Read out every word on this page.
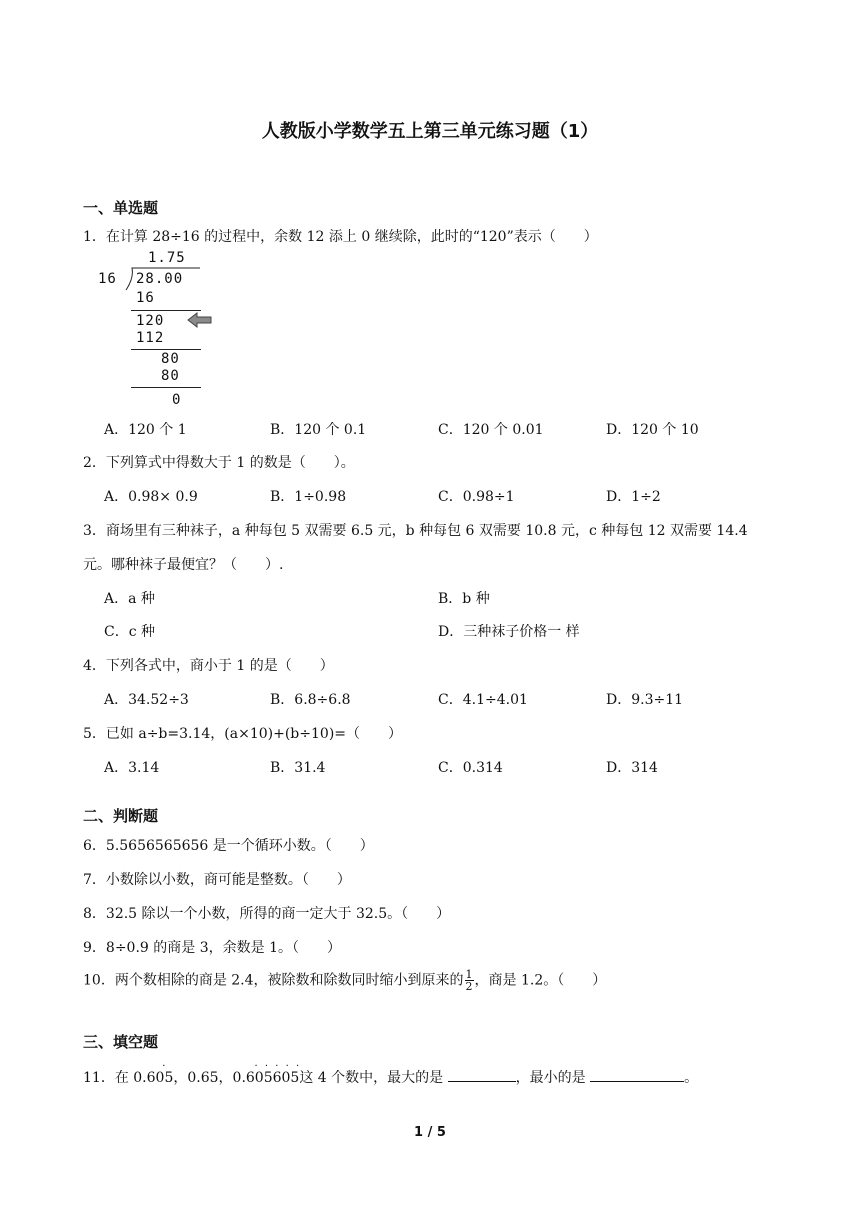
人教版小学数学五上第三单元练习题（1）
一、单选题
1．在计算 28÷16 的过程中，余数 12 添上 0 继续除，此时的“120”表示（　　）
1.75
16 28.00
16
120
112
80
80
0
A．120 个 1	B．120 个 0.1	C．120 个 0.01	D．120 个 10
2．下列算式中得数大于 1 的数是（　　）。
A．0.98× 0.9	B．1÷0.98	C．0.98÷1	D．1÷2
3．商场里有三种袜子，a 种每包 5 双需要 6.5 元，b 种每包 6 双需要 10.8 元，c 种每包 12 双需要 14.4
元。哪种袜子最便宜？（　　）.
A．a 种	B．b 种
C．c 种	D．三种袜子价格一 样
4．下列各式中，商小于 1 的是（　　）
A．34.52÷3	B．6.8÷6.8	C．4.1÷4.01	D．9.3÷11
5．已如 a÷b=3.14，(a×10)+(b÷10)=（　　）
A．3.14	B．31.4	C．0.314	D．314
二、判断题
6．5.5656565656 是一个循环小数。（　　）
7．小数除以小数，商可能是整数。（　　）
8．32.5 除以一个小数，所得的商一定大于 32.5。（　　）
9．8÷0.9 的商是 3，余数是 1。（　　）
10．两个数相除的商是 2.4，被除数和除数同时缩小到原来的 $\frac{1}{2}$ ，商是 1.2。（　　）
三、填空题
11．在
·
0.605，0.65，
· · · · ·
0.605605这 4 个数中，最大的是	，最小的是	。
1 / 5
